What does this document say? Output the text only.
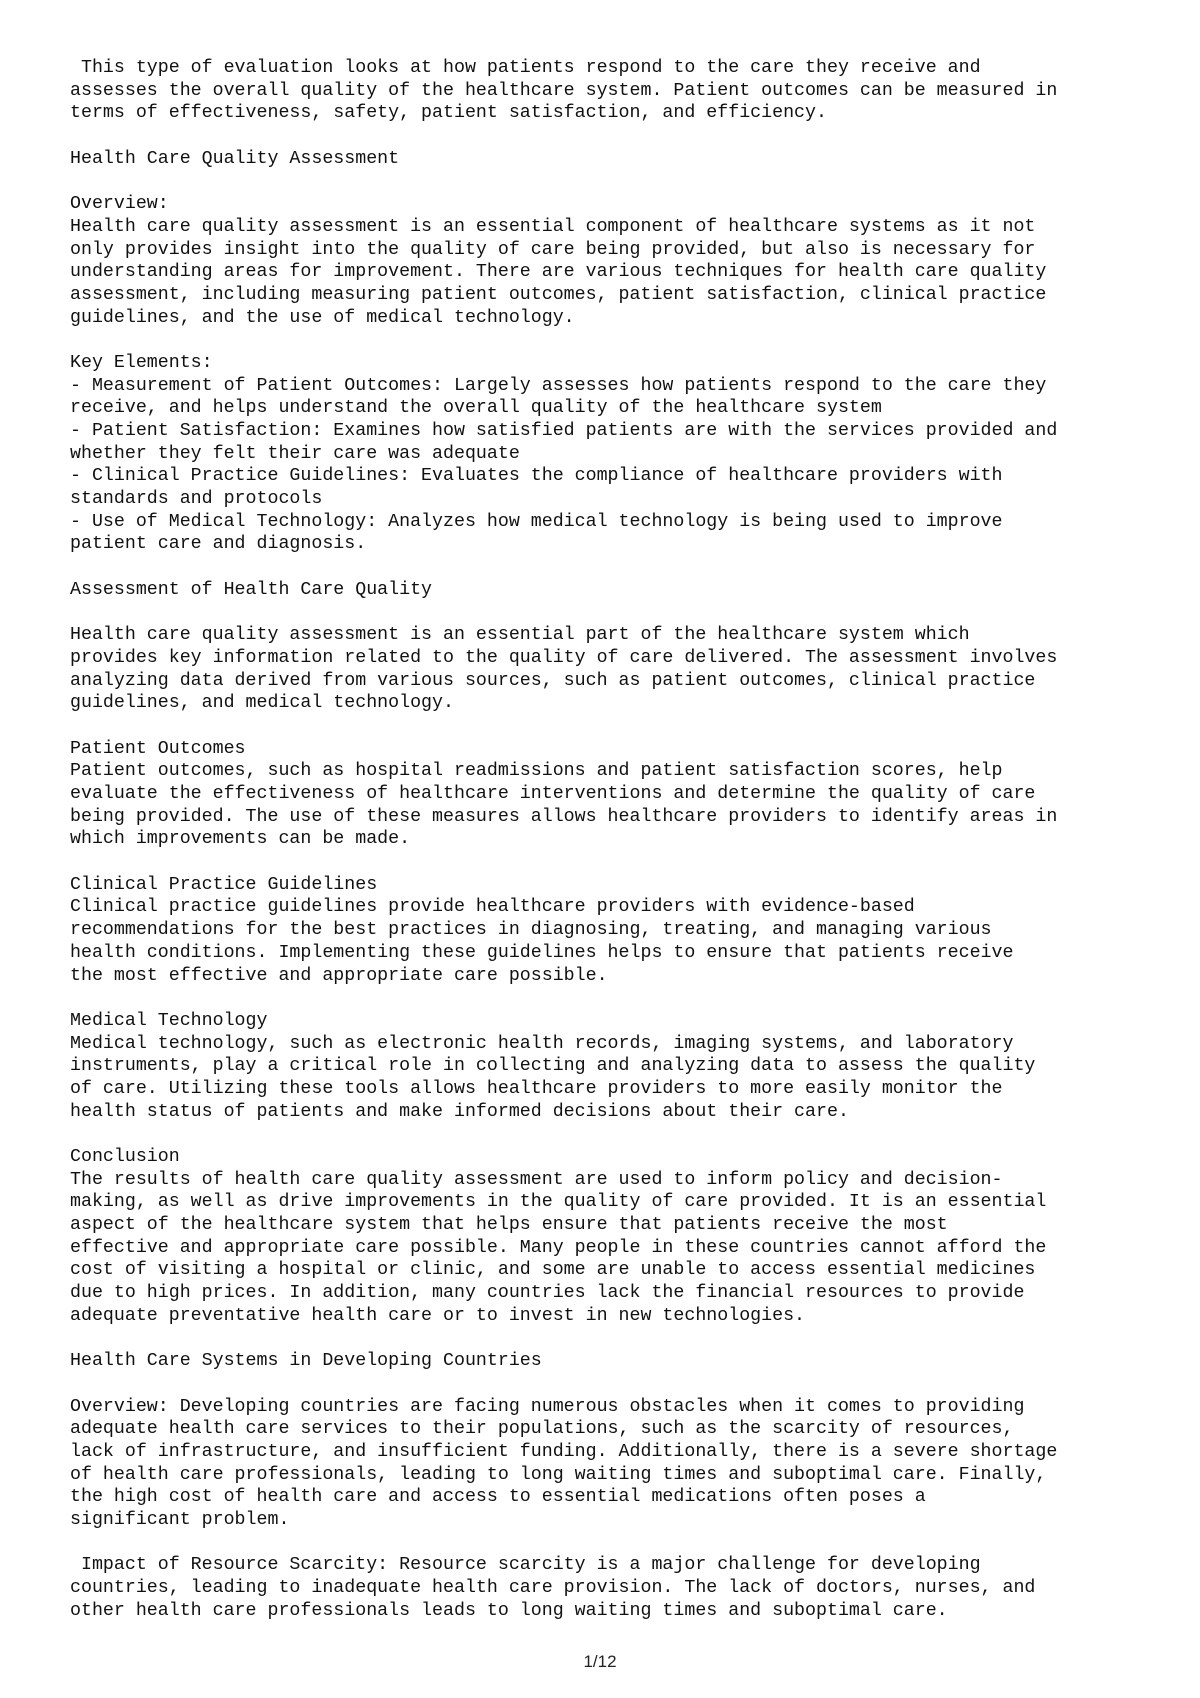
This type of evaluation looks at how patients respond to the care they receive and
assesses the overall quality of the healthcare system. Patient outcomes can be measured in
terms of effectiveness, safety, patient satisfaction, and efficiency.
Health Care Quality Assessment
Overview:
Health care quality assessment is an essential component of healthcare systems as it not
only provides insight into the quality of care being provided, but also is necessary for
understanding areas for improvement. There are various techniques for health care quality
assessment, including measuring patient outcomes, patient satisfaction, clinical practice
guidelines, and the use of medical technology.
Key Elements:
- Measurement of Patient Outcomes: Largely assesses how patients respond to the care they
receive, and helps understand the overall quality of the healthcare system
- Patient Satisfaction: Examines how satisfied patients are with the services provided and
whether they felt their care was adequate
- Clinical Practice Guidelines: Evaluates the compliance of healthcare providers with
standards and protocols
- Use of Medical Technology: Analyzes how medical technology is being used to improve
patient care and diagnosis.
Assessment of Health Care Quality
Health care quality assessment is an essential part of the healthcare system which
provides key information related to the quality of care delivered. The assessment involves
analyzing data derived from various sources, such as patient outcomes, clinical practice
guidelines, and medical technology.
Patient Outcomes
Patient outcomes, such as hospital readmissions and patient satisfaction scores, help
evaluate the effectiveness of healthcare interventions and determine the quality of care
being provided. The use of these measures allows healthcare providers to identify areas in
which improvements can be made.
Clinical Practice Guidelines
Clinical practice guidelines provide healthcare providers with evidence-based
recommendations for the best practices in diagnosing, treating, and managing various
health conditions. Implementing these guidelines helps to ensure that patients receive
the most effective and appropriate care possible.
Medical Technology
Medical technology, such as electronic health records, imaging systems, and laboratory
instruments, play a critical role in collecting and analyzing data to assess the quality
of care. Utilizing these tools allows healthcare providers to more easily monitor the
health status of patients and make informed decisions about their care.
Conclusion
The results of health care quality assessment are used to inform policy and decision-
making, as well as drive improvements in the quality of care provided. It is an essential
aspect of the healthcare system that helps ensure that patients receive the most
effective and appropriate care possible. Many people in these countries cannot afford the
cost of visiting a hospital or clinic, and some are unable to access essential medicines
due to high prices. In addition, many countries lack the financial resources to provide
adequate preventative health care or to invest in new technologies.
Health Care Systems in Developing Countries
Overview: Developing countries are facing numerous obstacles when it comes to providing
adequate health care services to their populations, such as the scarcity of resources,
lack of infrastructure, and insufficient funding. Additionally, there is a severe shortage
of health care professionals, leading to long waiting times and suboptimal care. Finally,
the high cost of health care and access to essential medications often poses a
significant problem.
Impact of Resource Scarcity: Resource scarcity is a major challenge for developing
countries, leading to inadequate health care provision. The lack of doctors, nurses, and
other health care professionals leads to long waiting times and suboptimal care.
1/12
